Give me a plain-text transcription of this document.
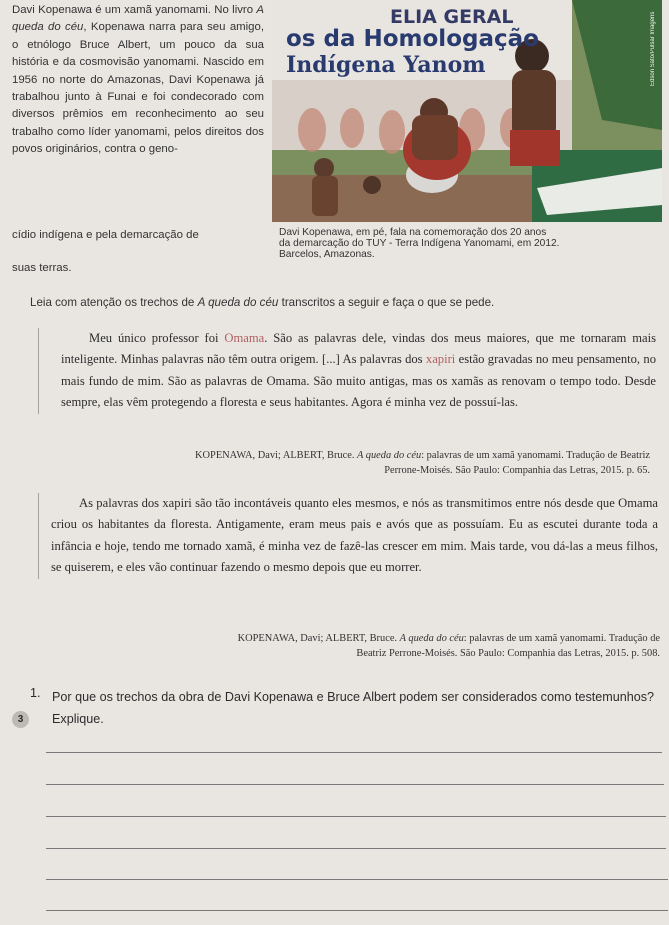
Davi Kopenawa é um xamã yanomami. No livro A queda do céu, Kopenawa narra para seu amigo, o etnólogo Bruce Albert, um pouco da sua história e da cosmovisão yanomami. Nascido em 1956 no norte do Amazonas, Davi Kopenawa já trabalhou junto à Funai e foi condecorado com diversos prêmios em reconhecimento ao seu trabalho como líder yanomami, pelos direitos dos povos originários, contra o geno-
cídio indígena e pela demarcação de
suas terras.
ELIA GERAL
os da Homologação
Indígena Yanom	Edson Sato/Pulsar Imagens
Davi Kopenawa, em pé, fala na comemoração dos 20 anos
da demarcação do TUY - Terra Indígena Yanomami, em 2012.
Barcelos, Amazonas.
Leia com atenção os trechos de A queda do céu transcritos a seguir e faça o que se pede.

Meu único professor foi Omama. São as palavras dele, vindas dos meus maiores, que me tornaram mais inteligente. Minhas palavras não têm outra origem. [...] As palavras dos xapiri estão gravadas no meu pensamento, no mais fundo de mim. São as palavras de Omama. São muito antigas, mas os xamãs as renovam o tempo todo. Desde sempre, elas vêm protegendo a floresta e seus habitantes. Agora é minha vez de possuí-las.

KOPENAWA, Davi; ALBERT, Bruce. A queda do céu: palavras de um xamã yanomami. Tradução de Beatriz
Perrone-Moisés. São Paulo: Companhia das Letras, 2015. p. 65.

As palavras dos xapiri são tão incontáveis quanto eles mesmos, e nós as transmitimos entre nós desde que Omama criou os habitantes da floresta. Antigamente, eram meus pais e avós que as possuíam. Eu as escutei durante toda a infância e hoje, tendo me tornado xamã, é minha vez de fazê-las crescer em mim. Mais tarde, vou dá-las a meus filhos, se quiserem, e eles vão continuar fazendo o mesmo depois que eu morrer.

KOPENAWA, Davi; ALBERT, Bruce. A queda do céu: palavras de um xamã yanomami. Tradução de
Beatriz Perrone-Moisés. São Paulo: Companhia das Letras, 2015. p. 508.
1. Por que os trechos da obra de Davi Kopenawa e Bruce Albert podem ser considerados como testemunhos? Explique.
3
